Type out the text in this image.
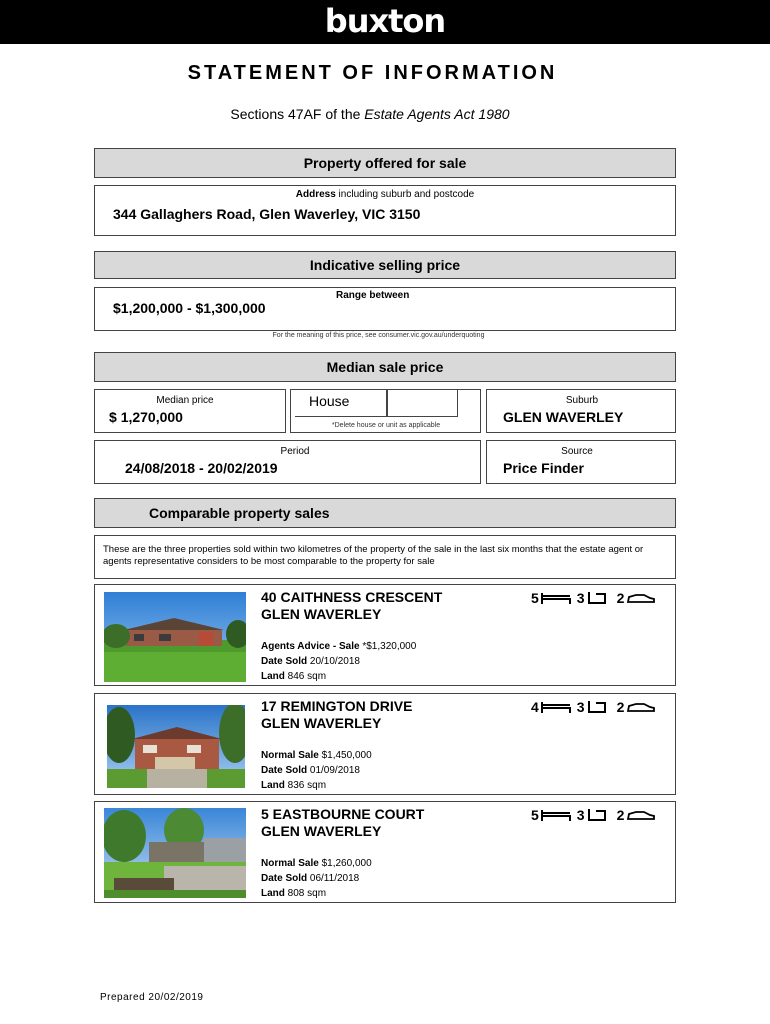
buxton
STATEMENT OF INFORMATION
Sections 47AF of the Estate Agents Act 1980
Property offered for sale
Address including suburb and postcode
344 Gallaghers Road, Glen Waverley, VIC 3150
Indicative selling price
$1,200,000 - $1,300,000
Range between
For the meaning of this price, see consumer.vic.gov.au/underquoting
Median sale price
Median price
$ 1,270,000
House
*Delete house or unit as applicable
Suburb
GLEN WAVERLEY
Period
24/08/2018 - 20/02/2019
Source
Price Finder
Comparable property sales
These are the three properties sold within two kilometres of the property of the sale in the last six months that the estate agent or agents representative considers to be most comparable to the property for sale
40 CAITHNESS CRESCENT
GLEN WAVERLEY
Agents Advice - Sale *$1,320,000
Date Sold 20/10/2018
Land 846 sqm
5	3 2
17 REMINGTON DRIVE
GLEN WAVERLEY
Normal Sale $1,450,000
Date Sold 01/09/2018
Land 836 sqm
4	3 2
5 EASTBOURNE COURT
GLEN WAVERLEY
Normal Sale $1,260,000
Date Sold 06/11/2018
Land 808 sqm
5	3 2
Prepared 20/02/2019
